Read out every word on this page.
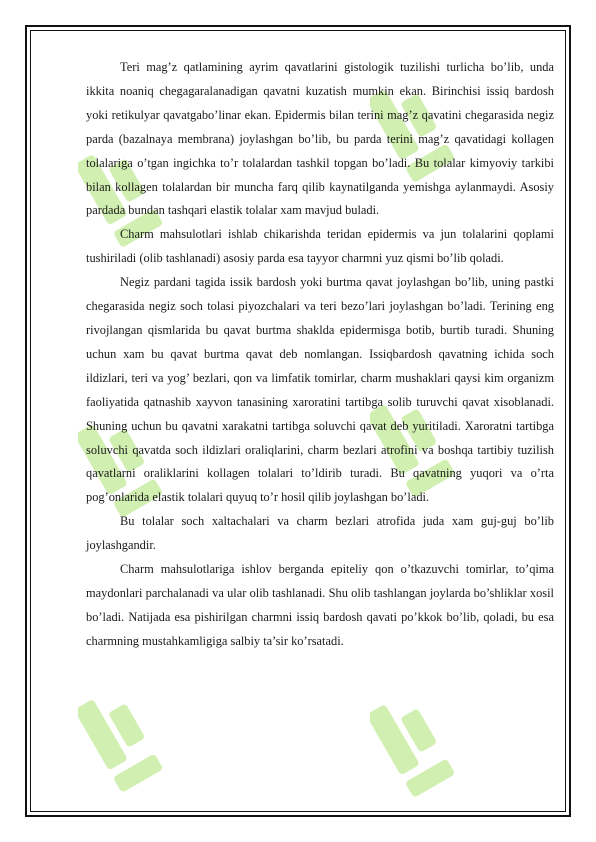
Teri mag’z qatlamining ayrim qavatlarini gistologik tuzilishi turlicha bo’lib, unda ikkita noaniq chegagaralanadigan qavatni kuzatish mumkin ekan. Birinchisi issiq bardosh yoki retikulyar qavatgabo’linar ekan. Epidermis bilan terini mag’z qavatini chegarasida negiz parda (bazalnaya membrana) joylashgan bo’lib, bu parda terini mag’z qavatidagi kollagen tolalariga o’tgan ingichka to’r tolalardan tashkil topgan bo’ladi. Bu tolalar kimyoviy tarkibi bilan kollagen tolalardan bir muncha farq qilib kaynatilganda yemishga aylanmaydi. Asosiy pardada bundan tashqari elastik tolalar xam mavjud buladi.

Charm mahsulotlari ishlab chikarishda teridan epidermis va jun tolalarini qoplami tushiriladi (olib tashlanadi) asosiy parda esa tayyor charmni yuz qismi bo’lib qoladi.

Negiz pardani tagida issik bardosh yoki burtma qavat joylashgan bo’lib, uning pastki chegarasida negiz soch tolasi piyozchalari va teri bezo’lari joylashgan bo’ladi. Terining eng rivojlangan qismlarida bu qavat burtma shaklda epidermisga botib, burtib turadi. Shuning uchun xam bu qavat burtma qavat deb nomlangan. Issiqbardosh qavatning ichida soch ildizlari, teri va yog’ bezlari, qon va limfatik tomirlar, charm mushaklari qaysi kim organizm faoliyatida qatnashib xayvon tanasining xaroratini tartibga solib turuvchi qavat xisoblanadi. Shuning uchun bu qavatni xarakatni tartibga soluvchi qavat deb yuritiladi. Xaroratni tartibga soluvchi qavatda soch ildizlari oraliqlarini, charm bezlari atrofini va boshqa tartibiy tuzilish qavatlarni oraliklarini kollagen tolalari to’ldirib turadi. Bu qavatning yuqori va o’rta pog’onlarida elastik tolalari quyuq to’r hosil qilib joylashgan bo’ladi.

Bu tolalar soch xaltachalari va charm bezlari atrofida juda xam guj-guj bo’lib joylashgandir.

Charm mahsulotlariga ishlov berganda epiteliy qon o’tkazuvchi tomirlar, to’qima maydonlari parchalanadi va ular olib tashlanadi. Shu olib tashlangan joylarda bo’shliklar xosil bo’ladi. Natijada esa pishirilgan charmni issiq bardosh qavati po’kkok bo’lib, qoladi, bu esa charmning mustahkamligiga salbiy ta’sir ko’rsatadi.
